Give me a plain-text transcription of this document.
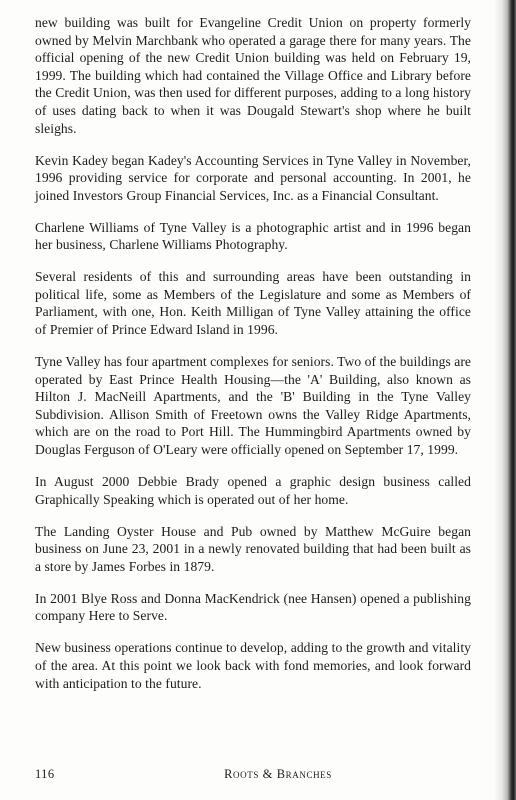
new building was built for Evangeline Credit Union on property formerly owned by Melvin Marchbank who operated a garage there for many years. The official opening of the new Credit Union building was held on February 19, 1999. The building which had contained the Village Office and Library before the Credit Union, was then used for different purposes, adding to a long history of uses dating back to when it was Dougald Stewart's shop where he built sleighs.

Kevin Kadey began Kadey's Accounting Services in Tyne Valley in November, 1996 providing service for corporate and personal accounting. In 2001, he joined Investors Group Financial Services, Inc. as a Financial Consultant.

Charlene Williams of Tyne Valley is a photographic artist and in 1996 began her business, Charlene Williams Photography.

Several residents of this and surrounding areas have been outstanding in political life, some as Members of the Legislature and some as Members of Parliament, with one, Hon. Keith Milligan of Tyne Valley attaining the office of Premier of Prince Edward Island in 1996.

Tyne Valley has four apartment complexes for seniors. Two of the buildings are operated by East Prince Health Housing—the 'A' Building, also known as Hilton J. MacNeill Apartments, and the 'B' Building in the Tyne Valley Subdivision. Allison Smith of Freetown owns the Valley Ridge Apartments, which are on the road to Port Hill. The Hummingbird Apartments owned by Douglas Ferguson of O'Leary were officially opened on September 17, 1999.

In August 2000 Debbie Brady opened a graphic design business called Graphically Speaking which is operated out of her home.

The Landing Oyster House and Pub owned by Matthew McGuire began business on June 23, 2001 in a newly renovated building that had been built as a store by James Forbes in 1879.

In 2001 Blye Ross and Donna MacKendrick (nee Hansen) opened a publishing company Here to Serve.

New business operations continue to develop, adding to the growth and vitality of the area. At this point we look back with fond memories, and look forward with anticipation to the future.

116	Roots & Branches
